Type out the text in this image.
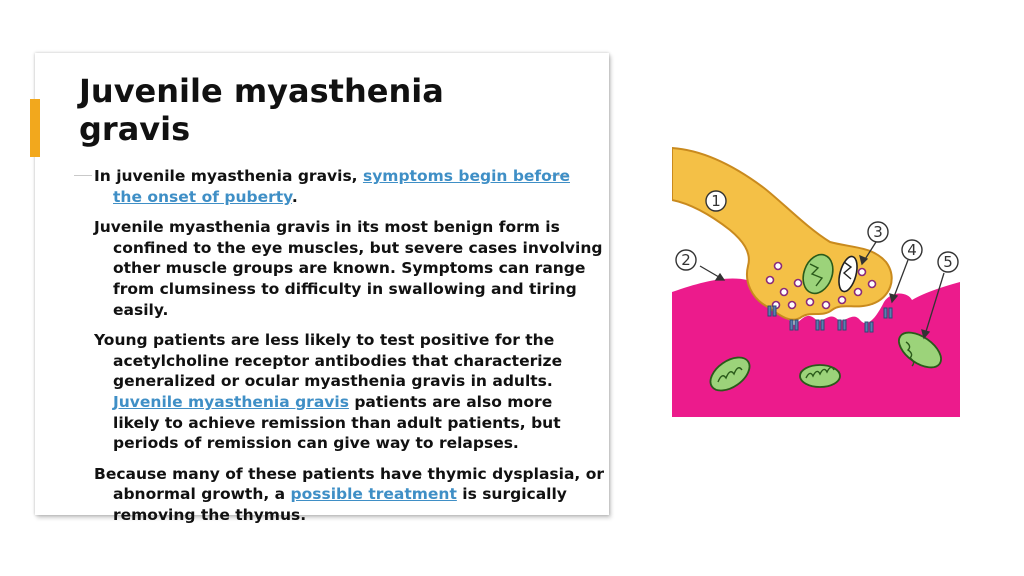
Juvenile myasthenia gravis

In juvenile myasthenia gravis, symptoms begin before the onset of puberty.

Juvenile myasthenia gravis in its most benign form is confined to the eye muscles, but severe cases involving other muscle groups are known. Symptoms can range from clumsiness to difficulty in swallowing and tiring easily.

Young patients are less likely to test positive for the acetylcholine receptor antibodies that characterize generalized or ocular myasthenia gravis in adults. Juvenile myasthenia gravis patients are also more likely to achieve remission than adult patients, but periods of remission can give way to relapses.

Because many of these patients have thymic dysplasia, or abnormal growth, a possible treatment is surgically removing the thymus.

1
2
3
4
5
